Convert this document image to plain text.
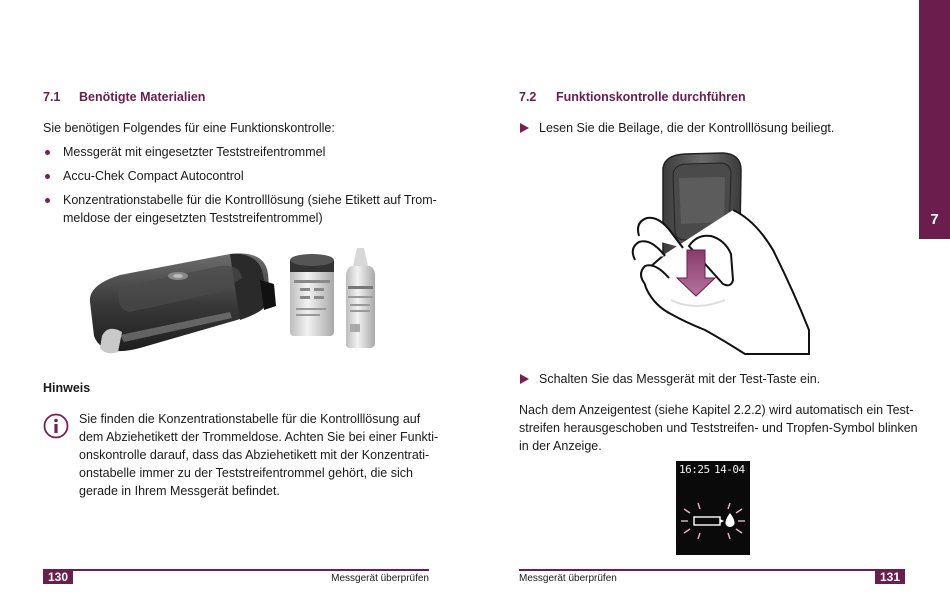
7
7.1 Benötigte Materialien
Sie benötigen Folgendes für eine Funktionskontrolle:
Messgerät mit eingesetzter Teststreifentrommel
Accu-Chek Compact Autocontrol
Konzentrationstabelle für die Kontrolllösung (siehe Etikett auf Trom-
meldose der eingesetzten Teststreifentrommel)
Hinweis
Sie finden die Konzentrationstabelle für die Kontrolllösung auf
dem Abziehetikett der Trommeldose. Achten Sie bei einer Funkti-
onskontrolle darauf, dass das Abziehetikett mit der Konzentrati-
onstabelle immer zu der Teststreifentrommel gehört, die sich
gerade in Ihrem Messgerät befindet.
130	Messgerät überprüfen
7.2 Funktionskontrolle durchführen
Lesen Sie die Beilage, die der Kontrolllösung beiliegt.
Schalten Sie das Messgerät mit der Test-Taste ein.
Nach dem Anzeigentest (siehe Kapitel 2.2.2) wird automatisch ein Test-
streifen herausgeschoben und Teststreifen- und Tropfen-Symbol blinken
in der Anzeige.
16:25 14-04
131
Messgerät überprüfen
